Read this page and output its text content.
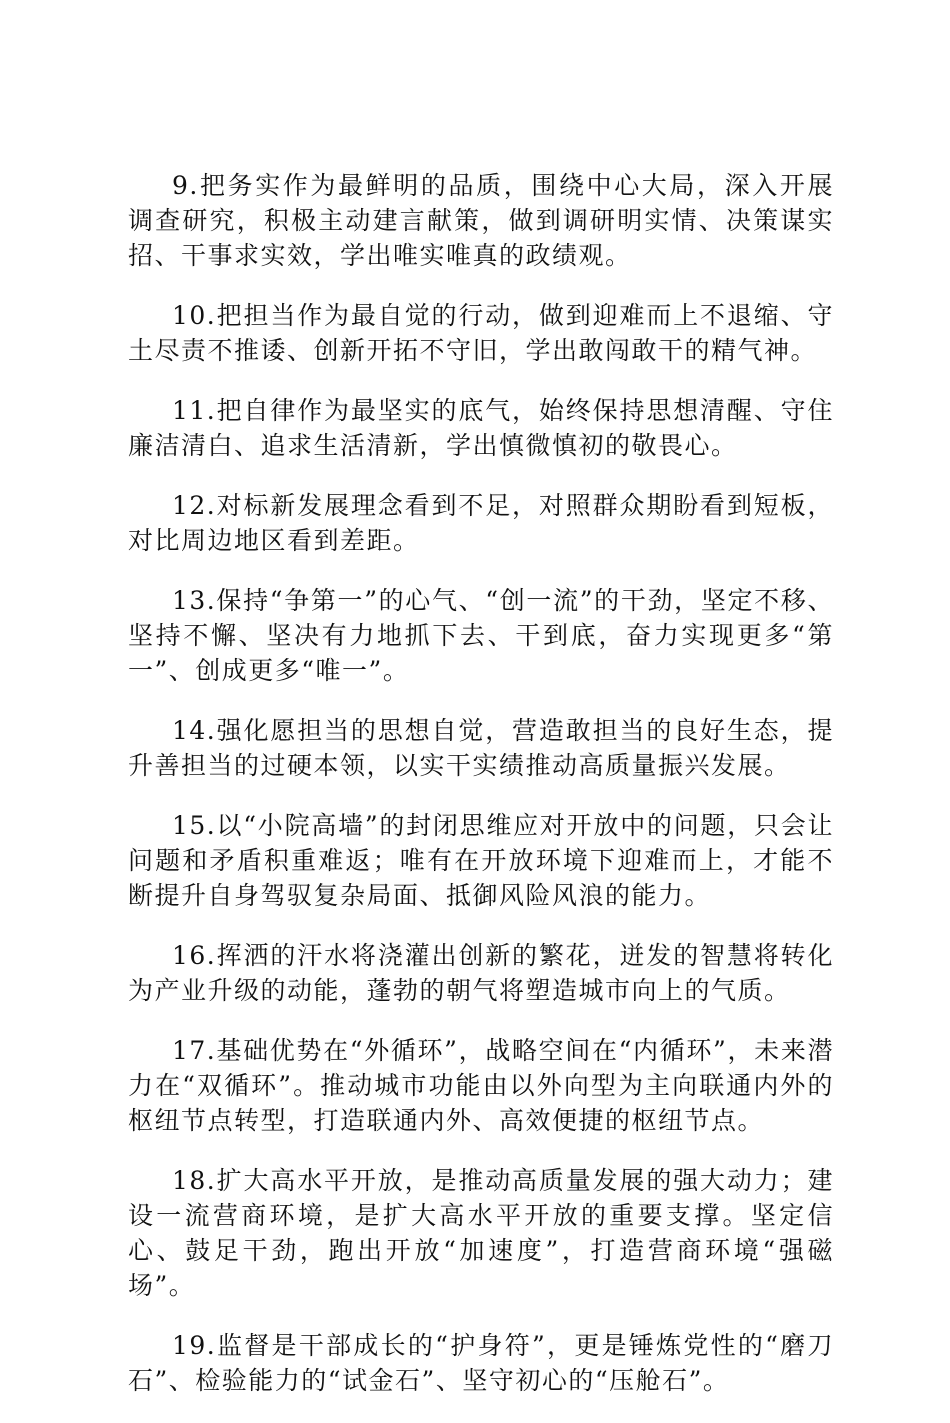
9.把务实作为最鲜明的品质，围绕中心大局，深入开展调查研究，积极主动建言献策，做到调研明实情、决策谋实招、干事求实效，学出唯实唯真的政绩观。

10.把担当作为最自觉的行动，做到迎难而上不退缩、守土尽责不推诿、创新开拓不守旧，学出敢闯敢干的精气神。

11.把自律作为最坚实的底气，始终保持思想清醒、守住廉洁清白、追求生活清新，学出慎微慎初的敬畏心。

12.对标新发展理念看到不足，对照群众期盼看到短板，对比周边地区看到差距。

13.保持“争第一”的心气、“创一流”的干劲，坚定不移、坚持不懈、坚决有力地抓下去、干到底，奋力实现更多“第一”、创成更多“唯一”。

14.强化愿担当的思想自觉，营造敢担当的良好生态，提升善担当的过硬本领，以实干实绩推动高质量振兴发展。

15.以“小院高墙”的封闭思维应对开放中的问题，只会让问题和矛盾积重难返；唯有在开放环境下迎难而上，才能不断提升自身驾驭复杂局面、抵御风险风浪的能力。

16.挥洒的汗水将浇灌出创新的繁花，迸发的智慧将转化为产业升级的动能，蓬勃的朝气将塑造城市向上的气质。

17.基础优势在“外循环”，战略空间在“内循环”，未来潜力在“双循环”。推动城市功能由以外向型为主向联通内外的枢纽节点转型，打造联通内外、高效便捷的枢纽节点。

18.扩大高水平开放，是推动高质量发展的强大动力；建设一流营商环境，是扩大高水平开放的重要支撑。坚定信心、鼓足干劲，跑出开放“加速度”，打造营商环境“强磁场”。

19.监督是干部成长的“护身符”，更是锤炼党性的“磨刀石”、检验能力的“试金石”、坚守初心的“压舱石”。
